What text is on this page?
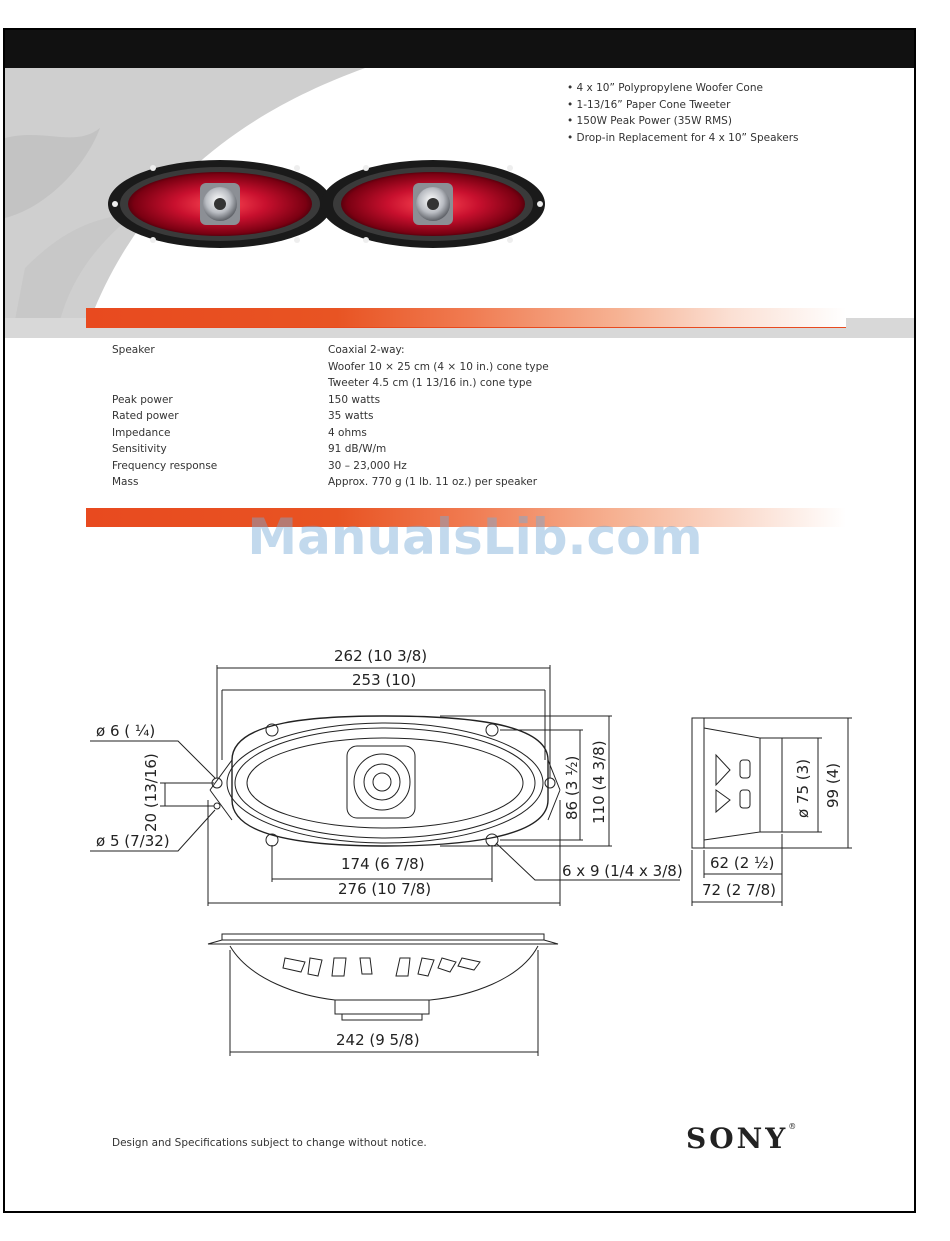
• 4 x 10” Polypropylene Woofer Cone
• 1-13/16” Paper Cone Tweeter
• 150W Peak Power (35W RMS)
• Drop-in Replacement for 4 x 10” Speakers
Speaker	Coaxial 2-way:
Woofer 10 × 25 cm (4 × 10 in.) cone type
Tweeter 4.5 cm (1 13/16 in.) cone type
Peak power	150 watts
Rated power	35 watts
Impedance	4 ohms
Sensitivity	91 dB/W/m
Frequency response	30 – 23,000 Hz
Mass	Approx. 770 g (1 lb. 11 oz.) per speaker
ManualsLib.com
262 (10 3/8)
253 (10)
ø 6 ( ¼)
20 (13/16)
ø 5 (7/32)
86 (3 ½) 110 (4 3/8)
174 (6 7/8)
276 (10 7/8)
6 x 9 (1/4 x 3/8)
ø 75 (3) 99 (4)
62 (2 ½)
72 (2 7/8)
242 (9 5/8)
Design and Specifications subject to change without notice.	SONY®
